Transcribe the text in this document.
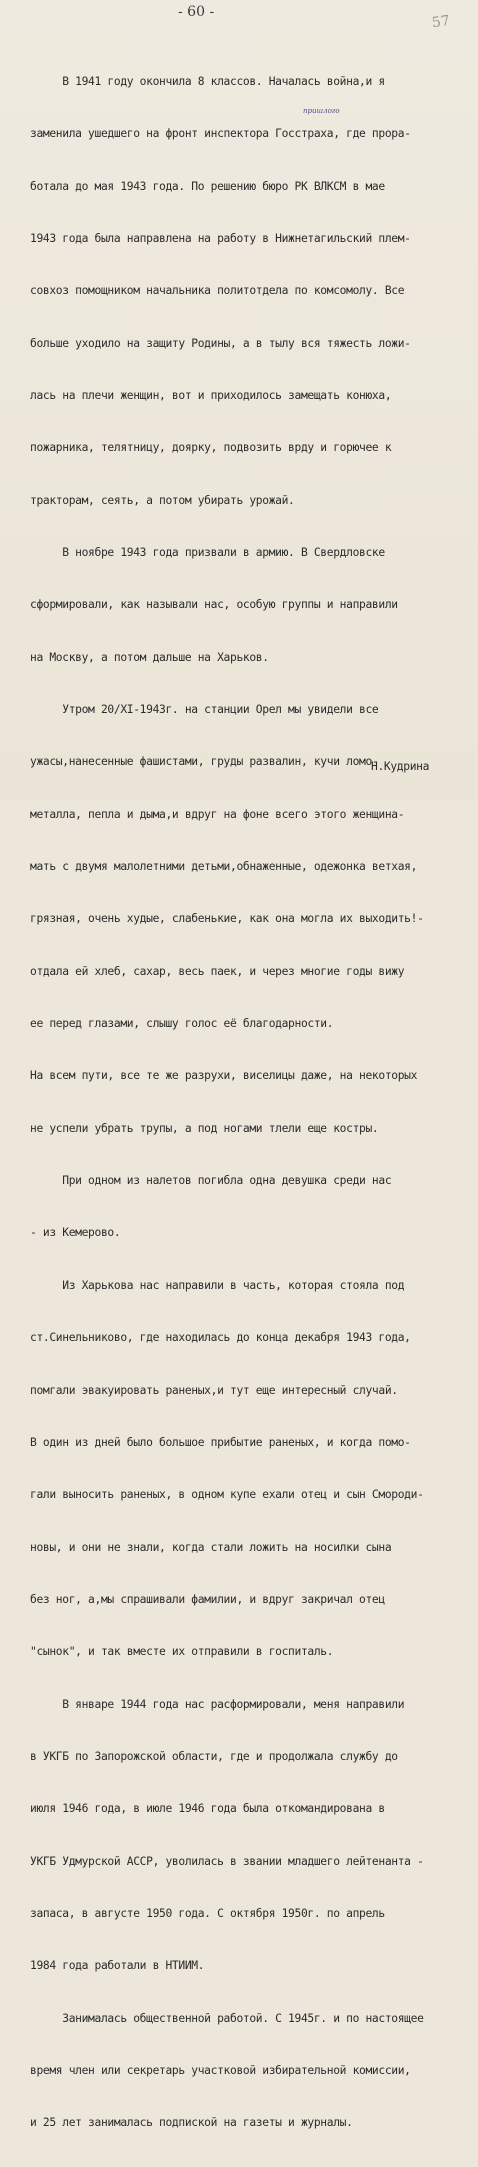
- 60 -
57
пришлого

В 1941 году окончила 8 классов. Началась война,и я

заменила ушедшего на фронт инспектора Госстраха, где прора-

ботала до мая 1943 года. По решению бюро РК ВЛКСМ в мае

1943 года была направлена на работу в Нижнетагильский плем-

совхоз помощником начальника политотдела по комсомолу. Все

больше уходило на защиту Родины, а в тылу вся тяжесть ложи-

лась на плечи женщин, вот и приходилось замещать конюха,

пожарника, телятницу, доярку, подвозить врду и горючее к

тракторам, сеять, а потом убирать урожай.

В ноябре 1943 года призвали в армию. В Свердловске

сформировали, как называли нас, особую группы и направили

на Москву, а потом дальше на Харьков.

Утром 20/XI-1943г. на станции Орел мы увидели все

ужасы,нанесенные фашистами, груды развалин, кучи ломо-

металла, пепла и дыма,и вдруг на фоне всего этого женщина-

мать с двумя малолетними детьми,обнаженные, одежонка ветхая,

грязная, очень худые, слабенькие, как она могла их выходить!-

отдала ей хлеб, сахар, весь паек, и через многие годы вижу

ее перед глазами, слышу голос её благодарности.

На всем пути, все те же разрухи, виселицы даже, на некоторых

не успели убрать трупы, а под ногами тлели еще костры.

При одном из налетов погибла одна девушка среди нас

- из Кемерово.

Из Харькова нас направили в часть, которая стояла под

ст.Синельниково, где находилась до конца декабря 1943 года,

помгали эвакуировать раненых,и тут еще интересный случай.

В один из дней было большое прибытие раненых, и когда помо-

гали выносить раненых, в одном купе ехали отец и сын Смороди-

новы, и они не знали, когда стали ложить на носилки сына

без ног, а,мы спрашивали фамилии, и вдруг закричал отец

"сынок", и так вместе их отправили в госпиталь.

В январе 1944 года нас расформировали, меня направили

в УКГБ по Запорожской области, где и продолжала службу до

июля 1946 года, в июле 1946 года была откомандирована в

УКГБ Удмурской АССР, уволилась в звании младшего лейтенанта -

запаса, в августе 1950 года. С октября 1950г. по апрель

1984 года работали в НТИИМ.

Занималась общественной работой. С 1945г. и по настоящее

время член или секретарь участковой избирательной комиссии,

и 25 лет занималась подпиской на газеты и журналы.

Н.Кудрина
